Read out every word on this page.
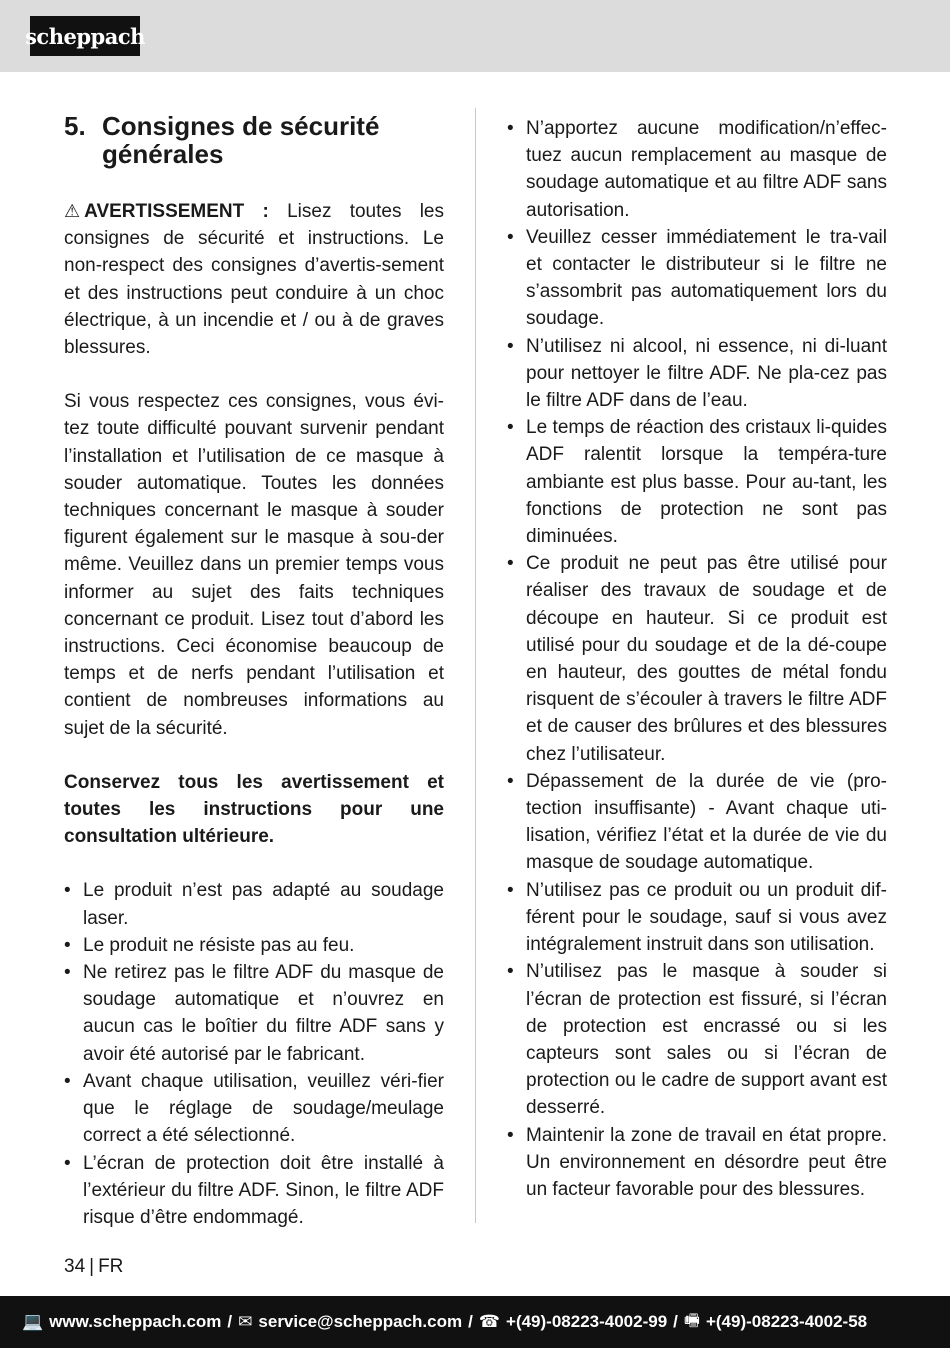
scheppach
5. Consignes de sécurité générales

⚠ AVERTISSEMENT : Lisez toutes les consignes de sécurité et instructions. Le non-respect des consignes d’avertis-sement et des instructions peut conduire à un choc électrique, à un incendie et / ou à de graves blessures.

Si vous respectez ces consignes, vous évi-tez toute difficulté pouvant survenir pendant l’installation et l’utilisation de ce masque à souder automatique. Toutes les données techniques concernant le masque à souder figurent également sur le masque à sou-der même. Veuillez dans un premier temps vous informer au sujet des faits techniques concernant ce produit. Lisez tout d’abord les instructions. Ceci économise beaucoup de temps et de nerfs pendant l’utilisation et contient de nombreuses informations au sujet de la sécurité.

Conservez tous les avertissement et toutes les instructions pour une consultation ultérieure.

• Le produit n’est pas adapté au soudage laser.
• Le produit ne résiste pas au feu.
• Ne retirez pas le filtre ADF du masque de soudage automatique et n’ouvrez en aucun cas le boîtier du filtre ADF sans y avoir été autorisé par le fabricant.
• Avant chaque utilisation, veuillez véri-fier que le réglage de soudage/meulage correct a été sélectionné.
• L’écran de protection doit être installé à l’extérieur du filtre ADF. Sinon, le filtre ADF risque d’être endommagé.
• N’apportez aucune modification/n’effec-tuez aucun remplacement au masque de soudage automatique et au filtre ADF sans autorisation.
• Veuillez cesser immédiatement le tra-vail et contacter le distributeur si le filtre ne s’assombrit pas automatiquement lors du soudage.
• N’utilisez ni alcool, ni essence, ni di-luant pour nettoyer le filtre ADF. Ne pla-cez pas le filtre ADF dans de l’eau.
• Le temps de réaction des cristaux li-quides ADF ralentit lorsque la tempéra-ture ambiante est plus basse. Pour au-tant, les fonctions de protection ne sont pas diminuées.
• Ce produit ne peut pas être utilisé pour réaliser des travaux de soudage et de découpe en hauteur. Si ce produit est utilisé pour du soudage et de la dé-coupe en hauteur, des gouttes de métal fondu risquent de s’écouler à travers le filtre ADF et de causer des brûlures et des blessures chez l’utilisateur.
• Dépassement de la durée de vie (pro-tection insuffisante) - Avant chaque uti-lisation, vérifiez l’état et la durée de vie du masque de soudage automatique.
• N’utilisez pas ce produit ou un produit dif-férent pour le soudage, sauf si vous avez intégralement instruit dans son utilisation.
• N’utilisez pas le masque à souder si l’écran de protection est fissuré, si l’écran de protection est encrassé ou si les capteurs sont sales ou si l’écran de protection ou le cadre de support avant est desserré.
• Maintenir la zone de travail en état propre. Un environnement en désordre peut être un facteur favorable pour des blessures.
34 | FR
💻 www.scheppach.com / ✉ service@scheppach.com / ☎ +(49)-08223-4002-99 / 🖷 +(49)-08223-4002-58
